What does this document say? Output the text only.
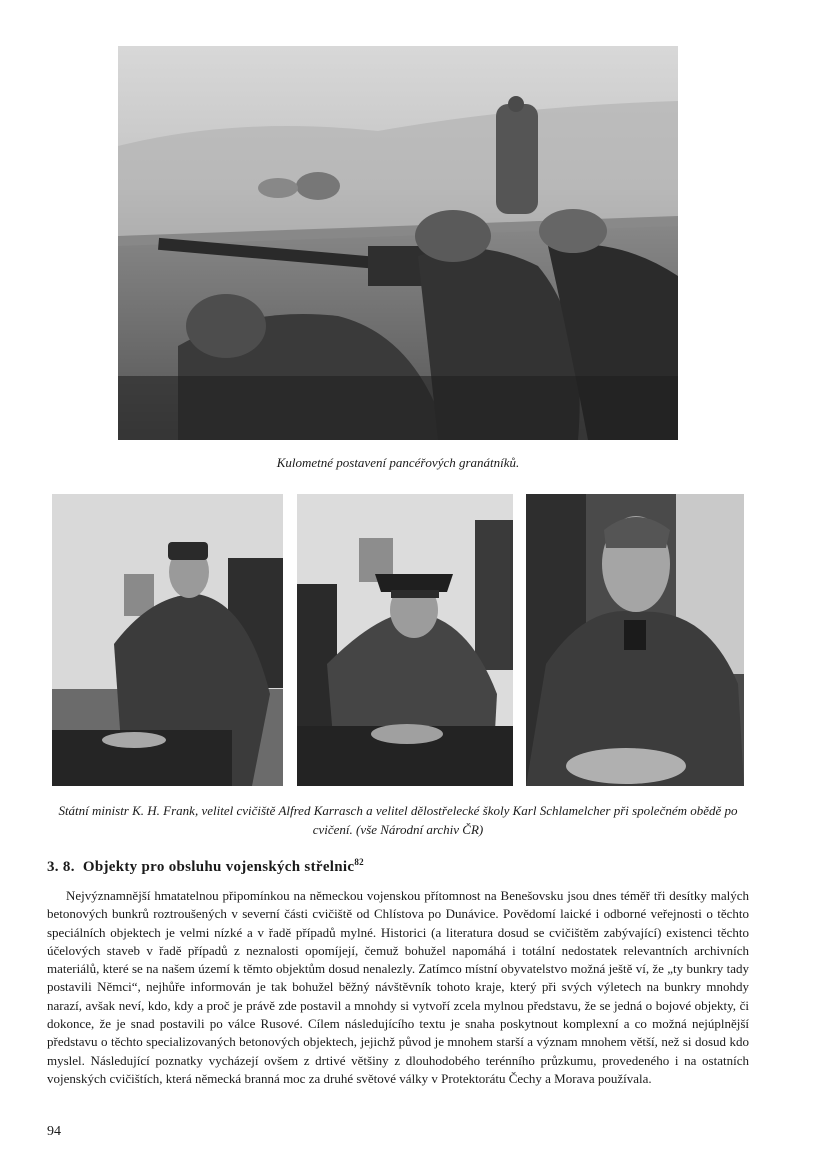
Kulometné postavení pancéřových granátníků.

Státní ministr K. H. Frank, velitel cvičiště Alfred Karrasch a velitel dělostřelecké školy Karl Schlamelcher při společném obědě po cvičení. (vše Národní archiv ČR)

3. 8. Objekty pro obsluhu vojenských střelnic$^{82}$

Nejvýznamnější hmatatelnou připomínkou na německou vojenskou přítomnost na Benešovsku jsou dnes téměř tři desítky malých betonových bunkrů roztroušených v severní části cvičiště od Chlístova po Dunávice. Povědomí laické i odborné veřejnosti o těchto speciálních objektech je velmi nízké a v řadě případů mylné. Historici (a literatura dosud se cvičištěm zabývající) existenci těchto účelových staveb v řadě případů z neznalosti opomíjejí, čemuž bohužel napomáhá i totální nedostatek relevantních archivních materiálů, které se na našem území k těmto objektům dosud nenalezly. Zatímco místní obyvatelstvo možná ještě ví, že „ty bunkry tady postavili Němci“, nejhůře informován je tak bohužel běžný návštěvník tohoto kraje, který při svých výletech na bunkry mnohdy narazí, avšak neví, kdo, kdy a proč je právě zde postavil a mnohdy si vytvoří zcela mylnou představu, že se jedná o bojové objekty, či dokonce, že je snad postavili po válce Rusové. Cílem následujícího textu je snaha poskytnout komplexní a co možná nejúplnější představu o těchto specializovaných betonových objektech, jejichž původ je mnohem starší a význam mnohem větší, než si dosud kdo myslel. Následující poznatky vycházejí ovšem z drtivé většiny z dlouhodobého terénního průzkumu, provedeného i na ostatních vojenských cvičištích, která německá branná moc za druhé světové války v Protektorátu Čechy a Morava používala.

94
